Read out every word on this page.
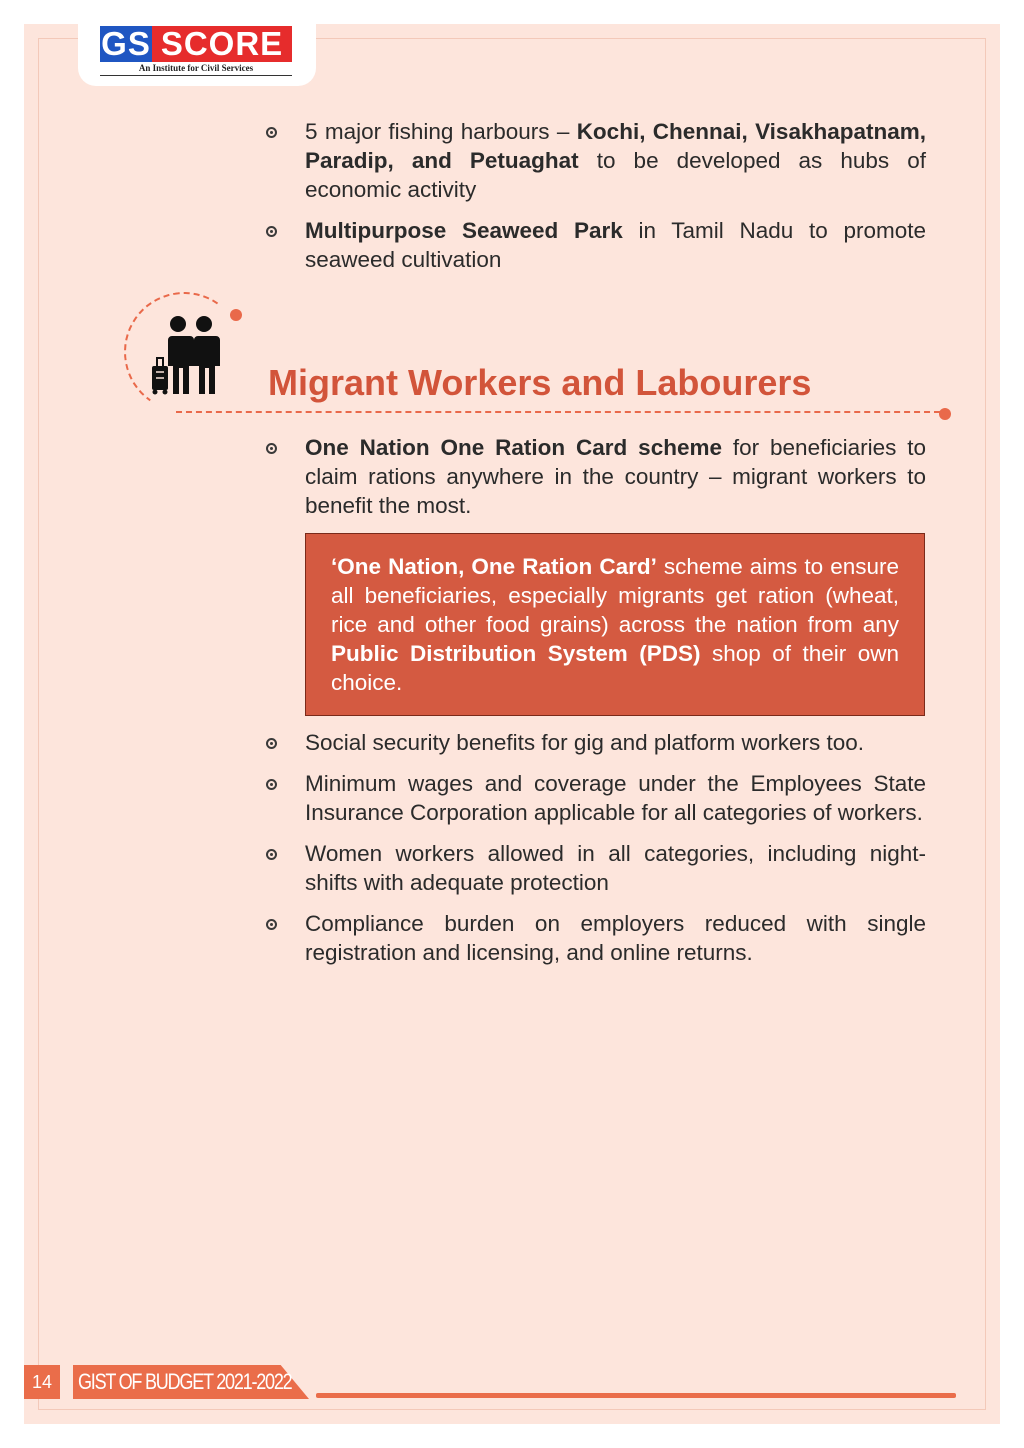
GS SCORE
An Institute for Civil Services
5 major fishing harbours – Kochi, Chennai, Visakhapatnam, Paradip, and Petuaghat to be developed as hubs of economic activity
Multipurpose Seaweed Park in Tamil Nadu to promote seaweed cultivation
Migrant Workers and Labourers
One Nation One Ration Card scheme for beneficiaries to claim rations anywhere in the country – migrant workers to benefit the most.
‘One Nation, One Ration Card’ scheme aims to ensure all beneficiaries, especially migrants get ration (wheat, rice and other food grains) across the nation from any Public Distribution System (PDS) shop of their own choice.
Social security benefits for gig and platform workers too.
Minimum wages and coverage under the Employees State Insurance Corporation applicable for all categories of workers.
Women workers allowed in all categories, including night-shifts with adequate protection
Compliance burden on employers reduced with single registration and licensing, and online returns.
14	GIST OF BUDGET 2021-2022
